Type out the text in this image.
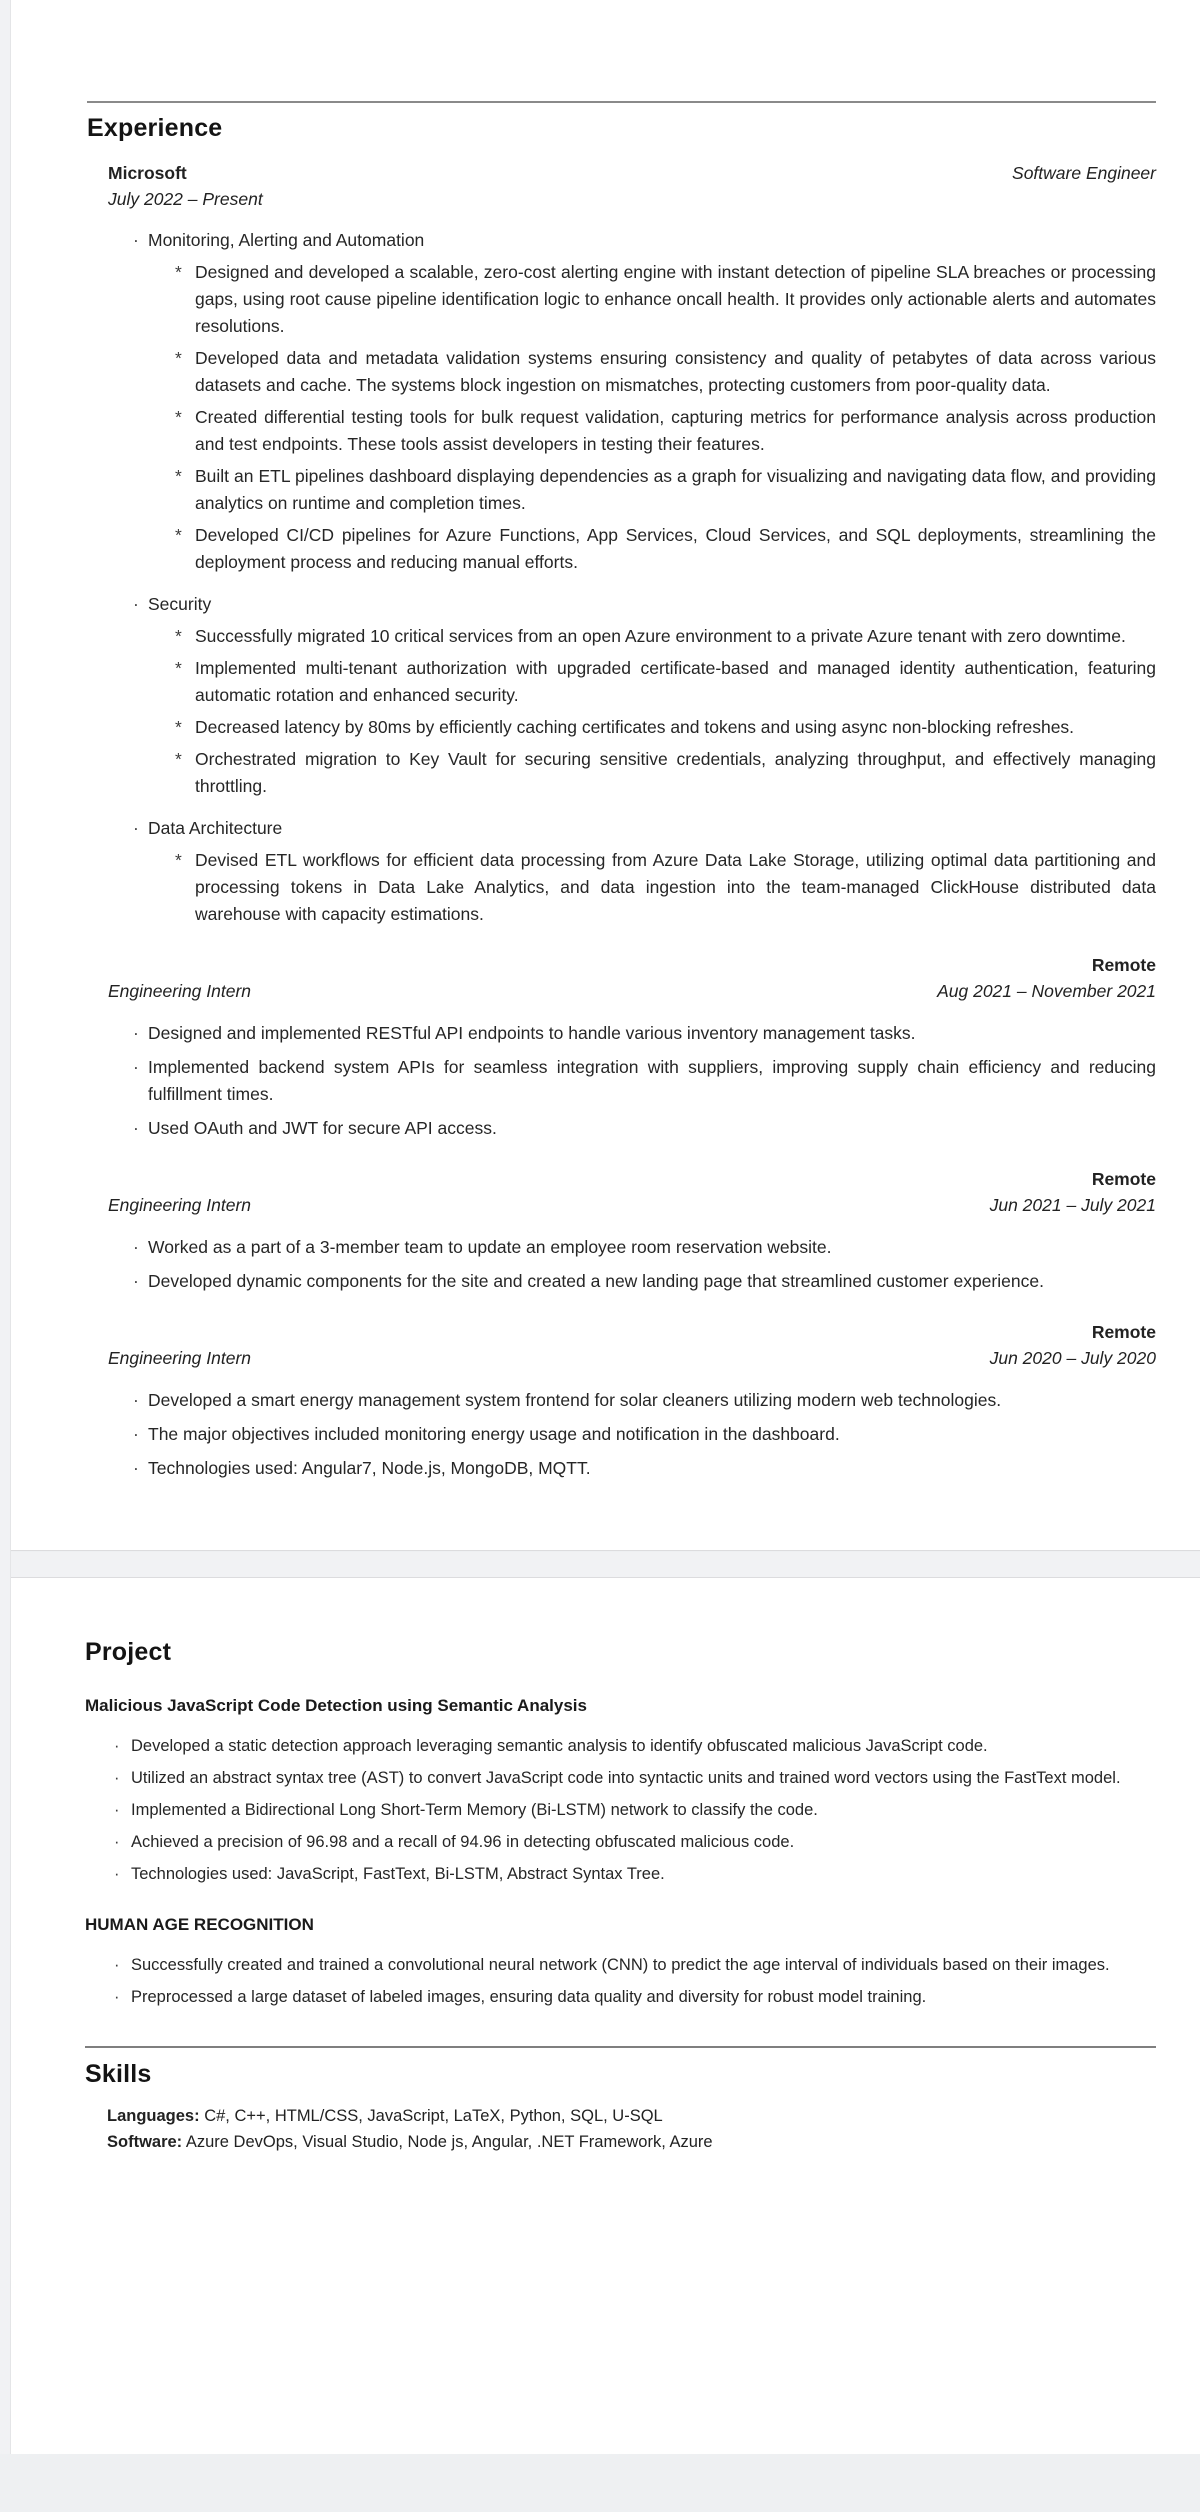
Experience
Microsoft	Software Engineer
July 2022 – Present
· Monitoring, Alerting and Automation
* Designed and developed a scalable, zero-cost alerting engine with instant detection of pipeline SLA breaches or processing gaps, using root cause pipeline identification logic to enhance oncall health. It provides only actionable alerts and automates resolutions.
* Developed data and metadata validation systems ensuring consistency and quality of petabytes of data across various datasets and cache. The systems block ingestion on mismatches, protecting customers from poor-quality data.
* Created differential testing tools for bulk request validation, capturing metrics for performance analysis across production and test endpoints. These tools assist developers in testing their features.
* Built an ETL pipelines dashboard displaying dependencies as a graph for visualizing and navigating data flow, and providing analytics on runtime and completion times.
* Developed CI/CD pipelines for Azure Functions, App Services, Cloud Services, and SQL deployments, streamlining the deployment process and reducing manual efforts.
· Security
* Successfully migrated 10 critical services from an open Azure environment to a private Azure tenant with zero downtime.
* Implemented multi-tenant authorization with upgraded certificate-based and managed identity authentication, featuring automatic rotation and enhanced security.
* Decreased latency by 80ms by efficiently caching certificates and tokens and using async non-blocking refreshes.
* Orchestrated migration to Key Vault for securing sensitive credentials, analyzing throughput, and effectively managing throttling.
· Data Architecture
* Devised ETL workflows for efficient data processing from Azure Data Lake Storage, utilizing optimal data partitioning and processing tokens in Data Lake Analytics, and data ingestion into the team-managed ClickHouse distributed data warehouse with capacity estimations.
Remote
Engineering Intern	Aug 2021 – November 2021
· Designed and implemented RESTful API endpoints to handle various inventory management tasks.
· Implemented backend system APIs for seamless integration with suppliers, improving supply chain efficiency and reducing fulfillment times.
· Used OAuth and JWT for secure API access.
Remote
Engineering Intern	Jun 2021 – July 2021
· Worked as a part of a 3-member team to update an employee room reservation website.
· Developed dynamic components for the site and created a new landing page that streamlined customer experience.
Remote
Engineering Intern	Jun 2020 – July 2020
· Developed a smart energy management system frontend for solar cleaners utilizing modern web technologies.
· The major objectives included monitoring energy usage and notification in the dashboard.
· Technologies used: Angular7, Node.js, MongoDB, MQTT.
Project
Malicious JavaScript Code Detection using Semantic Analysis
· Developed a static detection approach leveraging semantic analysis to identify obfuscated malicious JavaScript code.
· Utilized an abstract syntax tree (AST) to convert JavaScript code into syntactic units and trained word vectors using the FastText model.
· Implemented a Bidirectional Long Short-Term Memory (Bi-LSTM) network to classify the code.
· Achieved a precision of 96.98 and a recall of 94.96 in detecting obfuscated malicious code.
· Technologies used: JavaScript, FastText, Bi-LSTM, Abstract Syntax Tree.
HUMAN AGE RECOGNITION
· Successfully created and trained a convolutional neural network (CNN) to predict the age interval of individuals based on their images.
· Preprocessed a large dataset of labeled images, ensuring data quality and diversity for robust model training.
Skills
Languages: C#, C++, HTML/CSS, JavaScript, LaTeX, Python, SQL, U-SQL
Software: Azure DevOps, Visual Studio, Node js, Angular, .NET Framework, Azure
